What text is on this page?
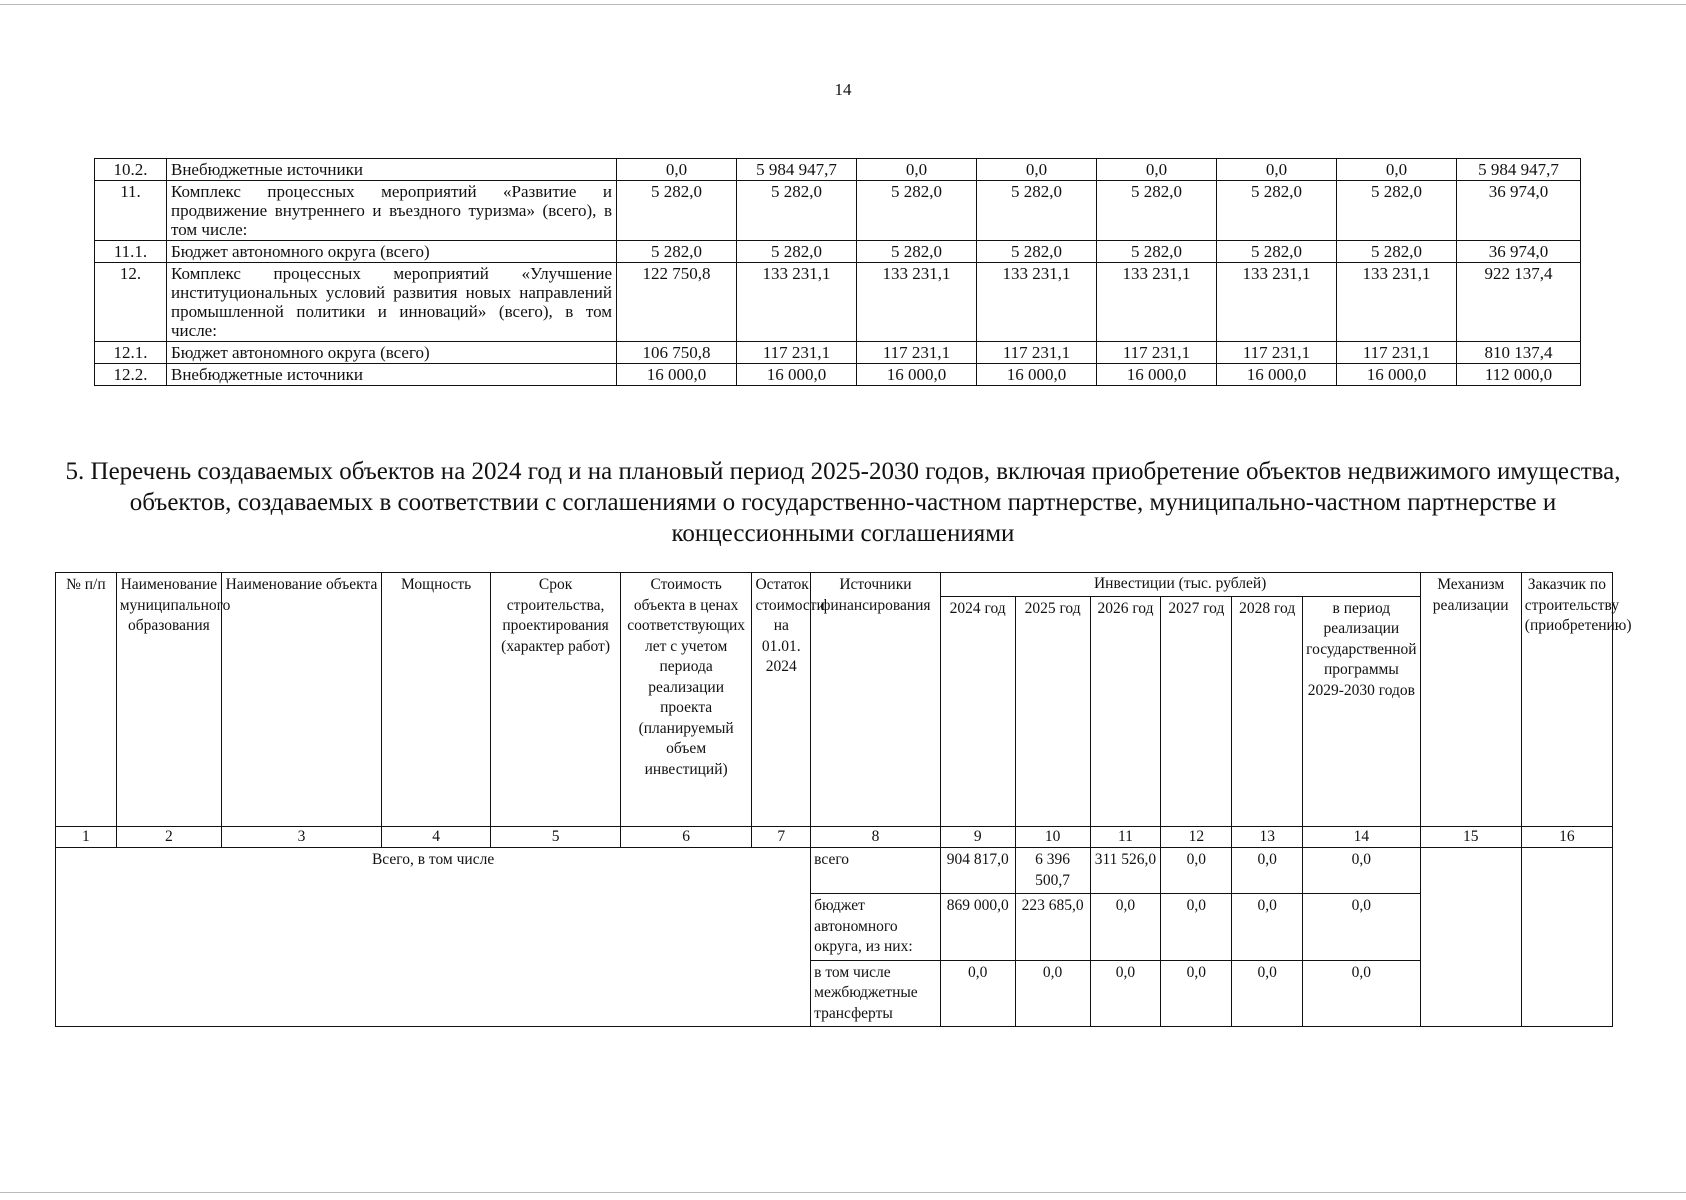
14
10.2.	Внебюджетные источники	0,0	5 984 947,7	0,0	0,0	0,0	0,0	0,0	5 984 947,7
11.	Комплекс процессных мероприятий «Развитие и продвижение внутреннего и въездного туризма» (всего), в том числе:	5 282,0	5 282,0	5 282,0	5 282,0	5 282,0	5 282,0	5 282,0	36 974,0
11.1.	Бюджет автономного округа (всего)	5 282,0	5 282,0	5 282,0	5 282,0	5 282,0	5 282,0	5 282,0	36 974,0
12.	Комплекс процессных мероприятий «Улучшение институциональных условий развития новых направлений промышленной политики и инноваций» (всего), в том числе:	122 750,8	133 231,1	133 231,1	133 231,1	133 231,1	133 231,1	133 231,1	922 137,4
12.1.	Бюджет автономного округа (всего)	106 750,8	117 231,1	117 231,1	117 231,1	117 231,1	117 231,1	117 231,1	810 137,4
12.2.	Внебюджетные источники	16 000,0	16 000,0	16 000,0	16 000,0	16 000,0	16 000,0	16 000,0	112 000,0
5. Перечень создаваемых объектов на 2024 год и на плановый период 2025-2030 годов, включая приобретение объектов недвижимого имущества, объектов, создаваемых в соответствии с соглашениями о государственно-частном партнерстве, муниципально-частном партнерстве и концессионными соглашениями
№ п/п	Наименование муниципального образования	Наименование объекта	Мощность	Срок строительства, проектирования (характер работ)	Стоимость объекта в ценах соответствующих лет с учетом периода реализации проекта (планируемый объем инвестиций)	Остаток стоимости на 01.01. 2024	Источники финансирования	Инвестиции (тыс. рублей)						Механизм реализации	Заказчик по строительству (приобретению)
								2024 год	2025 год	2026 год	2027 год	2028 год	в период реализации государственной программы 2029-2030 годов		
1	2	3	4	5	6	7	8	9	10	11	12	13	14	15	16
Всего, в том числе							всего	904 817,0	6 396 500,7	311 526,0	0,0	0,0	0,0		
							бюджет автономного округа, из них:	869 000,0	223 685,0	0,0	0,0	0,0	0,0		
							в том числе межбюджетные трансферты	0,0	0,0	0,0	0,0	0,0	0,0		
